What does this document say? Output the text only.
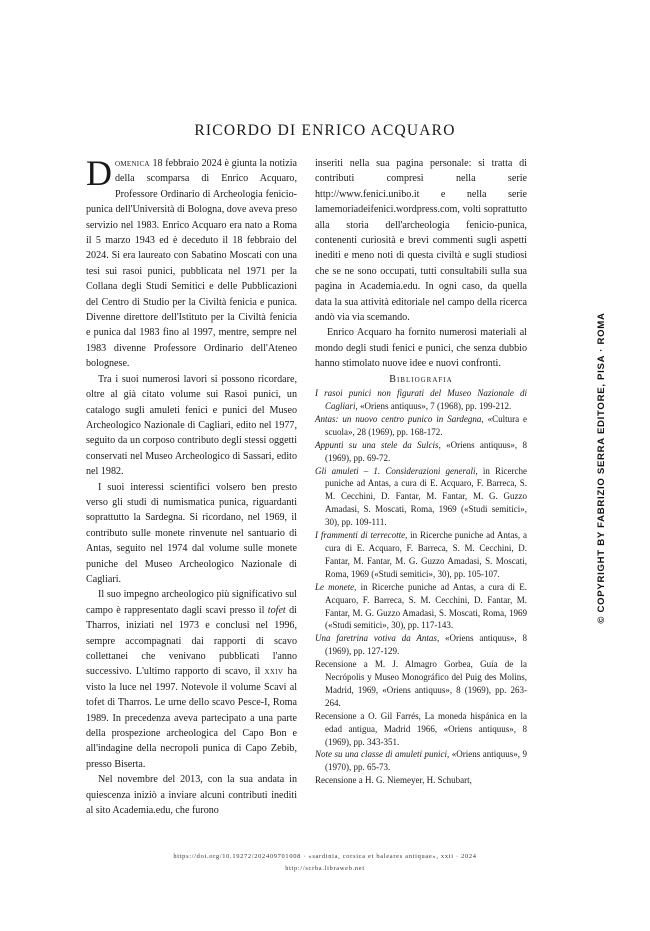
RICORDO DI ENRICO ACQUARO

Domenica 18 febbraio 2024 è giunta la notizia della scomparsa di Enrico Acquaro, Professore Ordinario di Archeologia fenicio-punica dell'Università di Bologna, dove aveva preso servizio nel 1983. Enrico Acquaro era nato a Roma il 5 marzo 1943 ed è deceduto il 18 febbraio del 2024. Si era laureato con Sabatino Moscati con una tesi sui rasoi punici, pubblicata nel 1971 per la Collana degli Studi Semitici e delle Pubblicazioni del Centro di Studio per la Civiltà fenicia e punica. Divenne direttore dell'Istituto per la Civiltà fenicia e punica dal 1983 fino al 1997, mentre, sempre nel 1983 divenne Professore Ordinario dell'Ateneo bolognese.

Tra i suoi numerosi lavori si possono ricordare, oltre al già citato volume sui Rasoi punici, un catalogo sugli amuleti fenici e punici del Museo Archeologico Nazionale di Cagliari, edito nel 1977, seguito da un corposo contributo degli stessi oggetti conservati nel Museo Archeologico di Sassari, edito nel 1982.

I suoi interessi scientifici volsero ben presto verso gli studi di numismatica punica, riguardanti soprattutto la Sardegna. Si ricordano, nel 1969, il contributo sulle monete rinvenute nel santuario di Antas, seguito nel 1974 dal volume sulle monete puniche del Museo Archeologico Nazionale di Cagliari.

Il suo impegno archeologico più significativo sul campo è rappresentato dagli scavi presso il tofet di Tharros, iniziati nel 1973 e conclusi nel 1996, sempre accompagnati dai rapporti di scavo collettanei che venivano pubblicati l'anno successivo. L'ultimo rapporto di scavo, il xxiv ha visto la luce nel 1997. Notevole il volume Scavi al tofet di Tharros. Le urne dello scavo Pesce-I, Roma 1989. In precedenza aveva partecipato a una parte della prospezione archeologica del Capo Bon e all'indagine della necropoli punica di Capo Zebib, presso Biserta.

Nel novembre del 2013, con la sua andata in quiescenza iniziò a inviare alcuni contributi inediti al sito Academia.edu, che furono

inseriti nella sua pagina personale: si tratta di contributi compresi nella serie http://www.fenici.unibo.it e nella serie lamemoriadeifenici.wordpress.com, volti soprattutto alla storia dell'archeologia fenicio-punica, contenenti curiosità e brevi commenti sugli aspetti inediti e meno noti di questa civiltà e sugli studiosi che se ne sono occupati, tutti consultabili sulla sua pagina in Academia.edu. In ogni caso, da quella data la sua attività editoriale nel campo della ricerca andò via via scemando.

Enrico Acquaro ha fornito numerosi materiali al mondo degli studi fenici e punici, che senza dubbio hanno stimolato nuove idee e nuovi confronti.

Bibliografia

I rasoi punici non figurati del Museo Nazionale di Cagliari, «Oriens antiquus», 7 (1968), pp. 199-212.

Antas: un nuovo centro punico in Sardegna, «Cultura e scuola», 28 (1969), pp. 168-172.

Appunti su una stele da Sulcis, «Oriens antiquus», 8 (1969), pp. 69-72.

Gli amuleti – 1. Considerazioni generali, in Ricerche puniche ad Antas, a cura di E. Acquaro, F. Barreca, S. M. Cecchini, D. Fantar, M. Fantar, M. G. Guzzo Amadasi, S. Moscati, Roma, 1969 («Studi semitici», 30), pp. 109-111.

I frammenti di terrecotte, in Ricerche puniche ad Antas, a cura di E. Acquaro, F. Barreca, S. M. Cecchini, D. Fantar, M. Fantar, M. G. Guzzo Amadasi, S. Moscati, Roma, 1969 («Studi semitici», 30), pp. 105-107.

Le monete, in Ricerche puniche ad Antas, a cura di E. Acquaro, F. Barreca, S. M. Cecchini, D. Fantar, M. Fantar, M. G. Guzzo Amadasi, S. Moscati, Roma, 1969 («Studi semitici», 30), pp. 117-143.

Una faretrina votiva da Antas, «Oriens antiquus», 8 (1969), pp. 127-129.

Recensione a M. J. Almagro Gorbea, Guía de la Necrópolis y Museo Monográfico del Puig des Molins, Madrid, 1969, «Oriens antiquus», 8 (1969), pp. 263-264.

Recensione a O. Gil Farrés, La moneda hispánica en la edad antigua, Madrid 1966, «Oriens antiquus», 8 (1969), pp. 343-351.

Note su una classe di amuleti punici, «Oriens antiquus», 9 (1970), pp. 65-73.

Recensione a H. G. Niemeyer, H. Schubart,

https://doi.org/10.19272/202409701008 · «sardinia, corsica et baleares antiquae», xxii · 2024
http://scrba.libraweb.net
© COPYRIGHT BY FABRIZIO SERRA EDITORE, PISA · ROMA
